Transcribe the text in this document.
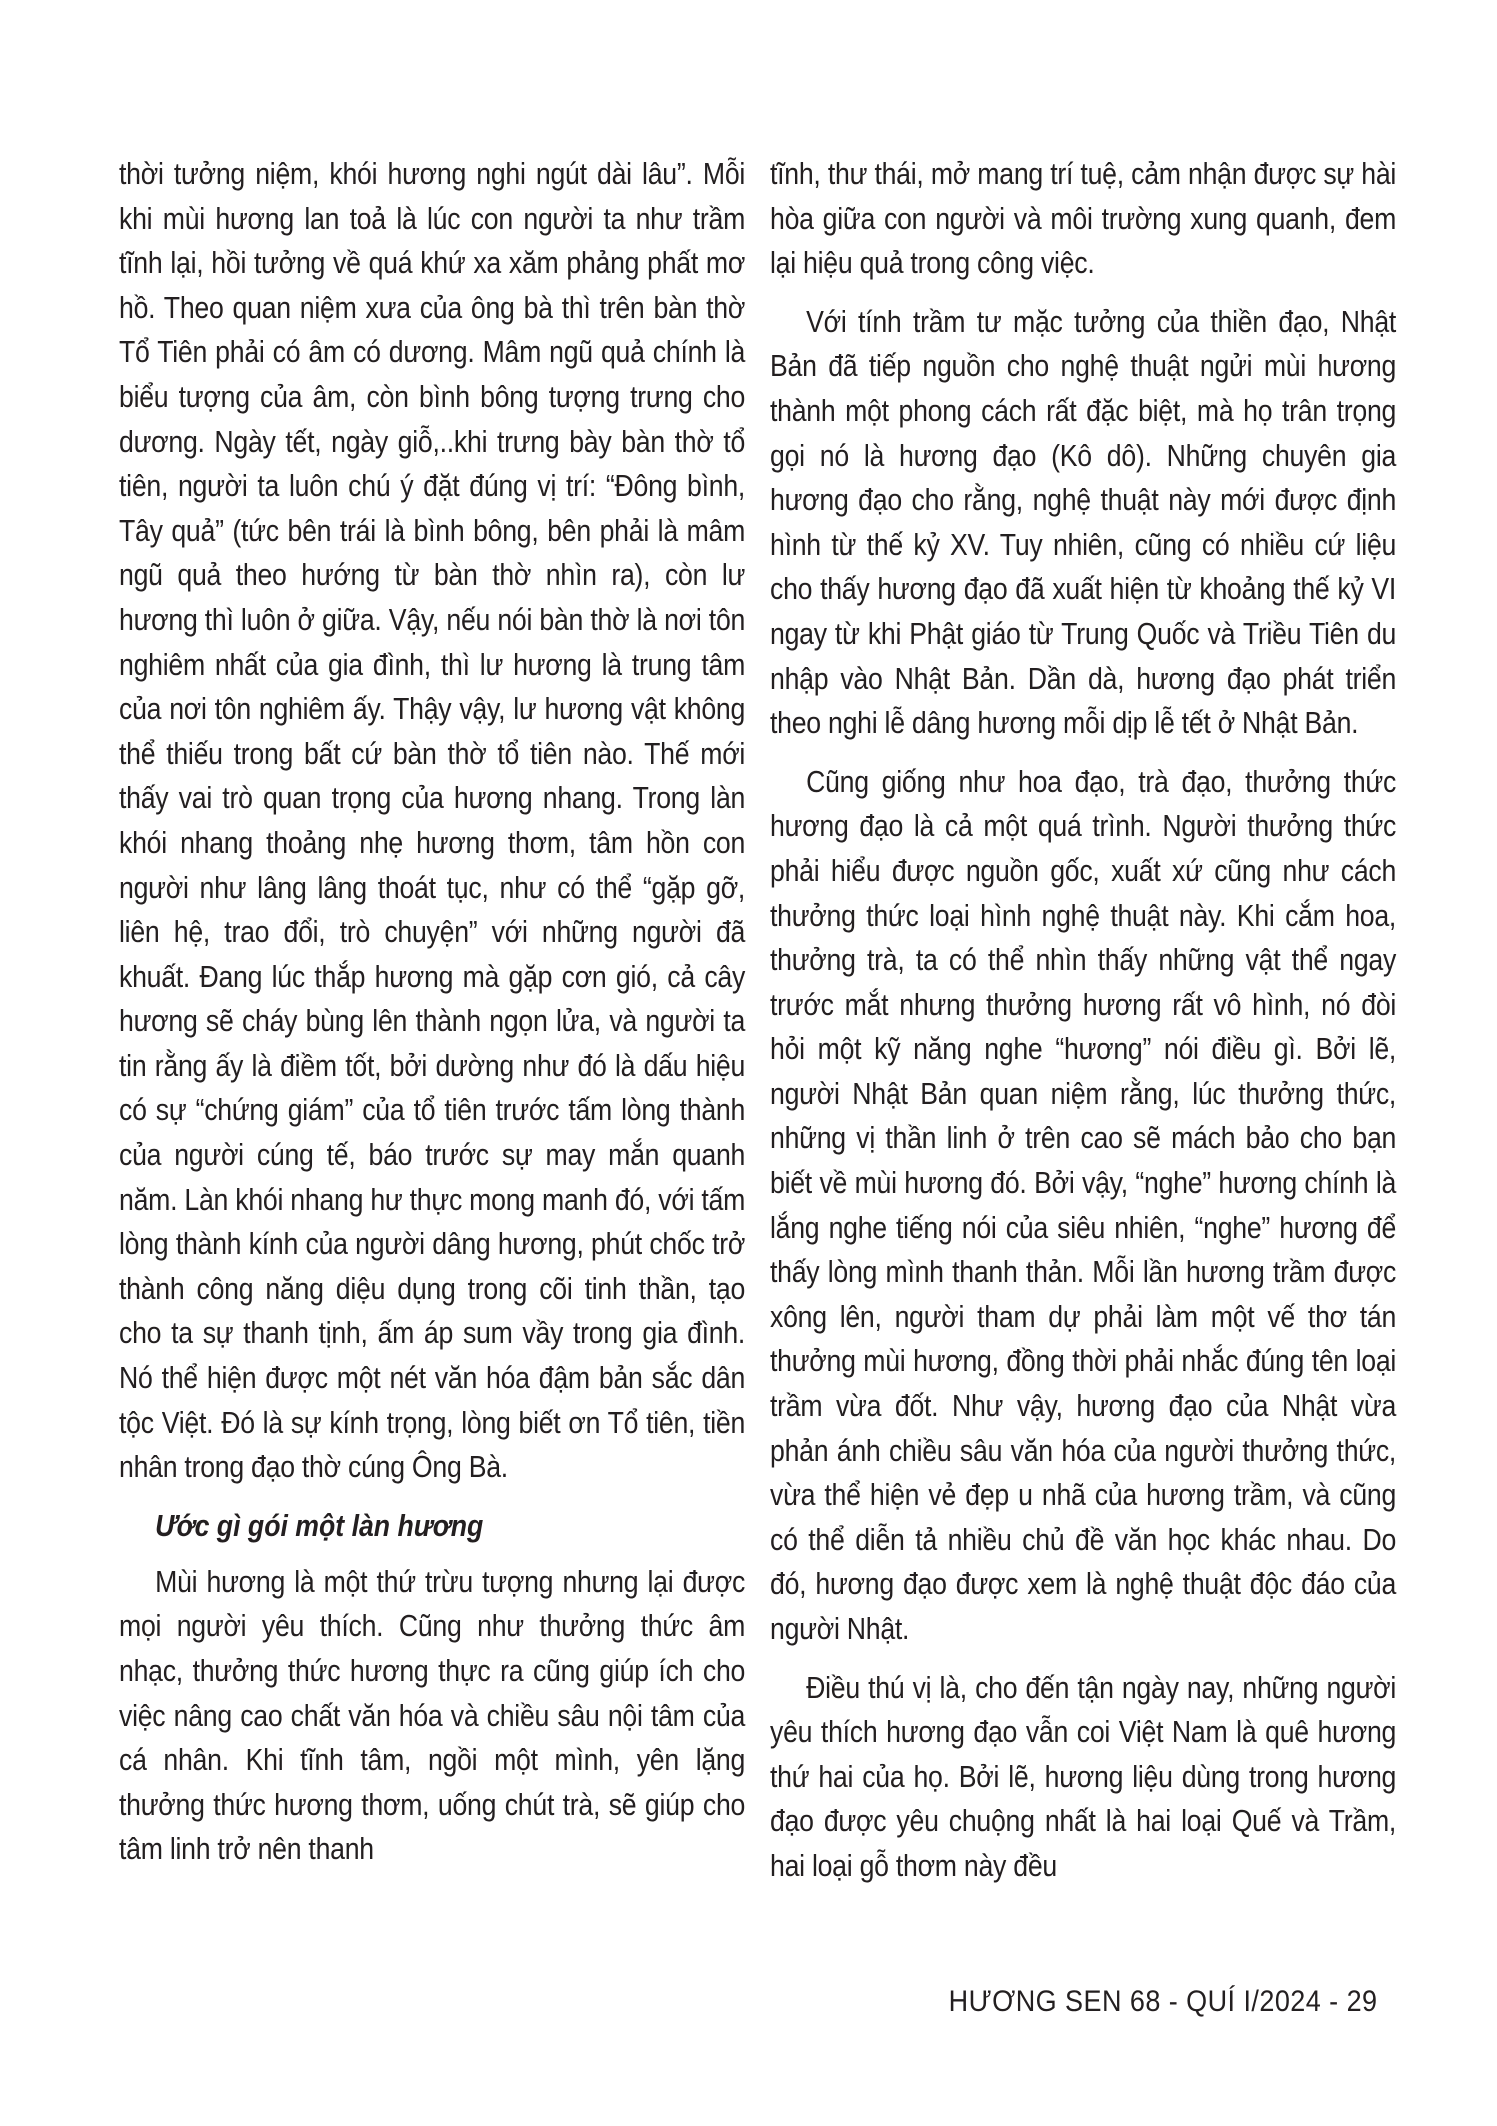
thời tưởng niệm, khói hương nghi ngút dài lâu”. Mỗi khi mùi hương lan toả là lúc con người ta như trầm tĩnh lại, hồi tưởng về quá khứ xa xăm phảng phất mơ hồ. Theo quan niệm xưa của ông bà thì trên bàn thờ Tổ Tiên phải có âm có dương. Mâm ngũ quả chính là biểu tượng của âm, còn bình bông tượng trưng cho dương. Ngày tết, ngày giỗ,..khi trưng bày bàn thờ tổ tiên, người ta luôn chú ý đặt đúng vị trí: “Đông bình, Tây quả” (tức bên trái là bình bông, bên phải là mâm ngũ quả theo hướng từ bàn thờ nhìn ra), còn lư hương thì luôn ở giữa. Vậy, nếu nói bàn thờ là nơi tôn nghiêm nhất của gia đình, thì lư hương là trung tâm của nơi tôn nghiêm ấy. Thậy vậy, lư hương vật không thể thiếu trong bất cứ bàn thờ tổ tiên nào. Thế mới thấy vai trò quan trọng của hương nhang. Trong làn khói nhang thoảng nhẹ hương thơm, tâm hồn con người như lâng lâng thoát tục, như có thể “gặp gỡ, liên hệ, trao đổi, trò chuyện” với những người đã khuất. Đang lúc thắp hương mà gặp cơn gió, cả cây hương sẽ cháy bùng lên thành ngọn lửa, và người ta tin rằng ấy là điềm tốt, bởi dường như đó là dấu hiệu có sự “chứng giám” của tổ tiên trước tấm lòng thành của người cúng tế, báo trước sự may mắn quanh năm. Làn khói nhang hư thực mong manh đó, với tấm lòng thành kính của người dâng hương, phút chốc trở thành công năng diệu dụng trong cõi tinh thần, tạo cho ta sự thanh tịnh, ấm áp sum vầy trong gia đình. Nó thể hiện được một nét văn hóa đậm bản sắc dân tộc Việt. Đó là sự kính trọng, lòng biết ơn Tổ tiên, tiền nhân trong đạo thờ cúng Ông Bà.

Ước gì gói một làn hương

Mùi hương là một thứ trừu tượng nhưng lại được mọi người yêu thích. Cũng như thưởng thức âm nhạc, thưởng thức hương thực ra cũng giúp ích cho việc nâng cao chất văn hóa và chiều sâu nội tâm của cá nhân. Khi tĩnh tâm, ngồi một mình, yên lặng thưởng thức hương thơm, uống chút trà, sẽ giúp cho tâm linh trở nên thanh

tĩnh, thư thái, mở mang trí tuệ, cảm nhận được sự hài hòa giữa con người và môi trường xung quanh, đem lại hiệu quả trong công việc.

Với tính trầm tư mặc tưởng của thiền đạo, Nhật Bản đã tiếp nguồn cho nghệ thuật ngửi mùi hương thành một phong cách rất đặc biệt, mà họ trân trọng gọi nó là hương đạo (Kô dô). Những chuyên gia hương đạo cho rằng, nghệ thuật này mới được định hình từ thế kỷ XV. Tuy nhiên, cũng có nhiều cứ liệu cho thấy hương đạo đã xuất hiện từ khoảng thế kỷ VI ngay từ khi Phật giáo từ Trung Quốc và Triều Tiên du nhập vào Nhật Bản. Dần dà, hương đạo phát triển theo nghi lễ dâng hương mỗi dịp lễ tết ở Nhật Bản.

Cũng giống như hoa đạo, trà đạo, thưởng thức hương đạo là cả một quá trình. Người thưởng thức phải hiểu được nguồn gốc, xuất xứ cũng như cách thưởng thức loại hình nghệ thuật này. Khi cắm hoa, thưởng trà, ta có thể nhìn thấy những vật thể ngay trước mắt nhưng thưởng hương rất vô hình, nó đòi hỏi một kỹ năng nghe “hương” nói điều gì. Bởi lẽ, người Nhật Bản quan niệm rằng, lúc thưởng thức, những vị thần linh ở trên cao sẽ mách bảo cho bạn biết về mùi hương đó. Bởi vậy, “nghe” hương chính là lắng nghe tiếng nói của siêu nhiên, “nghe” hương để thấy lòng mình thanh thản. Mỗi lần hương trầm được xông lên, người tham dự phải làm một vế thơ tán thưởng mùi hương, đồng thời phải nhắc đúng tên loại trầm vừa đốt. Như vậy, hương đạo của Nhật vừa phản ánh chiều sâu văn hóa của người thưởng thức, vừa thể hiện vẻ đẹp u nhã của hương trầm, và cũng có thể diễn tả nhiều chủ đề văn học khác nhau. Do đó, hương đạo được xem là nghệ thuật độc đáo của người Nhật.

Điều thú vị là, cho đến tận ngày nay, những người yêu thích hương đạo vẫn coi Việt Nam là quê hương thứ hai của họ. Bởi lẽ, hương liệu dùng trong hương đạo được yêu chuộng nhất là hai loại Quế và Trầm, hai loại gỗ thơm này đều

HƯƠNG SEN 68 - QUÍ I/2024 - 29
